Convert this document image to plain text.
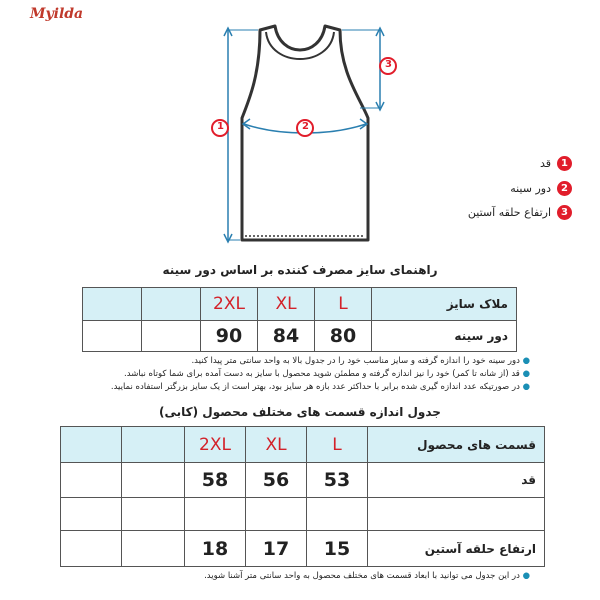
Myilda
1	2
3
1
قد
2
دور سینه
3
ارتفاع حلقه آستین
راهنمای سایز مصرف کننده بر اساس دور سینه
		2XL	XL	L	ملاک سایز
		90	84	80	دور سینه
● دور سینه خود را اندازه گرفته و سایز مناسب خود را در جدول بالا به واحد سانتی متر پیدا کنید.
● قد (از شانه تا کمر) خود را نیز اندازه گرفته و مطمئن شوید محصول با سایز به دست آمده برای شما کوتاه نباشد.
● در صورتیکه عدد اندازه گیری شده برابر با حداکثر عدد بازه هر سایز بود، بهتر است از یک سایز بزرگتر استفاده نمایید.
جدول اندازه قسمت های مختلف محصول (کابی)
		2XL	XL	L	قسمت های محصول
		58	56	53	قد

		18	17	15	ارتفاع حلقه آستین
● در این جدول می توانید با ابعاد قسمت های مختلف محصول به واحد سانتی متر آشنا شوید.
